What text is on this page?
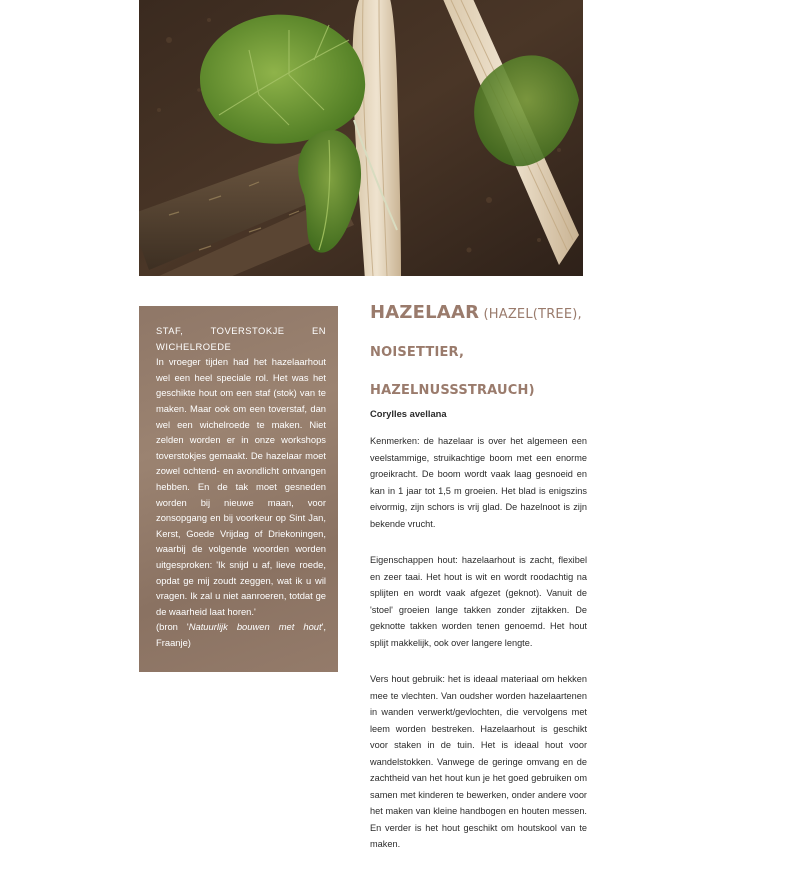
STAF, TOVERSTOKJE EN WICHELROEDE

In vroeger tijden had het hazelaarhout wel een heel speciale rol. Het was het geschikte hout om een staf (stok) van te maken. Maar ook om een toverstaf, dan wel een wichelroede te maken. Niet zelden worden er in onze workshops toverstokjes gemaakt. De hazelaar moet zowel ochtend- en avondlicht ontvangen hebben. En de tak moet gesneden worden bij nieuwe maan, voor zonsopgang en bij voorkeur op Sint Jan, Kerst, Goede Vrijdag of Driekoningen, waarbij de volgende woorden worden uitgesproken: 'Ik snijd u af, lieve roede, opdat ge mij zoudt zeggen, wat ik u wil vragen. Ik zal u niet aanroeren, totdat ge de waarheid laat horen.'

(bron 'Natuurlijk bouwen met hout', Fraanje)

HAZELAAR (HAZEL(TREE),
NOISETTIER, HAZELNUSSSTRAUCH)
Corylles avellana

Kenmerken: de hazelaar is over het algemeen een veelstammige, struikachtige boom met een enorme groeikracht. De boom wordt vaak laag gesnoeid en kan in 1 jaar tot 1,5 m groeien. Het blad is enigszins eivormig, zijn schors is vrij glad. De hazelnoot is zijn bekende vrucht.

Eigenschappen hout: hazelaarhout is zacht, flexibel en zeer taai. Het hout is wit en wordt roodachtig na splijten en wordt vaak afgezet (geknot). Vanuit de 'stoel' groeien lange takken zonder zijtakken. De geknotte takken worden tenen genoemd. Het hout splijt makkelijk, ook over langere lengte.

Vers hout gebruik: het is ideaal materiaal om hekken mee te vlechten. Van oudsher worden hazelaartenen in wanden verwerkt/gevlochten, die vervolgens met leem worden bestreken. Hazelaarhout is geschikt voor staken in de tuin. Het is ideaal hout voor wandelstokken. Vanwege de geringe omvang en de zachtheid van het hout kun je het goed gebruiken om samen met kinderen te bewerken, onder andere voor het maken van kleine handbogen en houten messen. En verder is het hout geschikt om houtskool van te maken.
